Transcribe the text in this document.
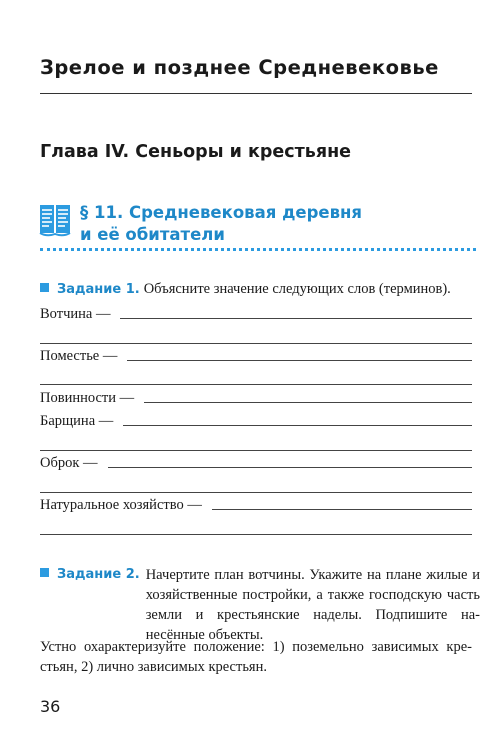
Зрелое и позднее Средневековье
Глава IV. Сеньоры и крестьяне
§ 11. Средневековая деревня
и её обитатели
Задание 1. Объясните значение следующих слов (терминов).
Вотчина —
Поместье —
Повинности —
Барщина —
Оброк —
Натуральное хозяйство —
Задание 2. Начертите план вотчины. Укажите на плане жилые и хозяйственные постройки, а также господскую часть земли и крестьянские наделы. Подпишите нанесённые объекты.
Устно охарактеризуйте положение: 1) поземельно зависимых крестьян, 2) лично зависимых крестьян.
36
